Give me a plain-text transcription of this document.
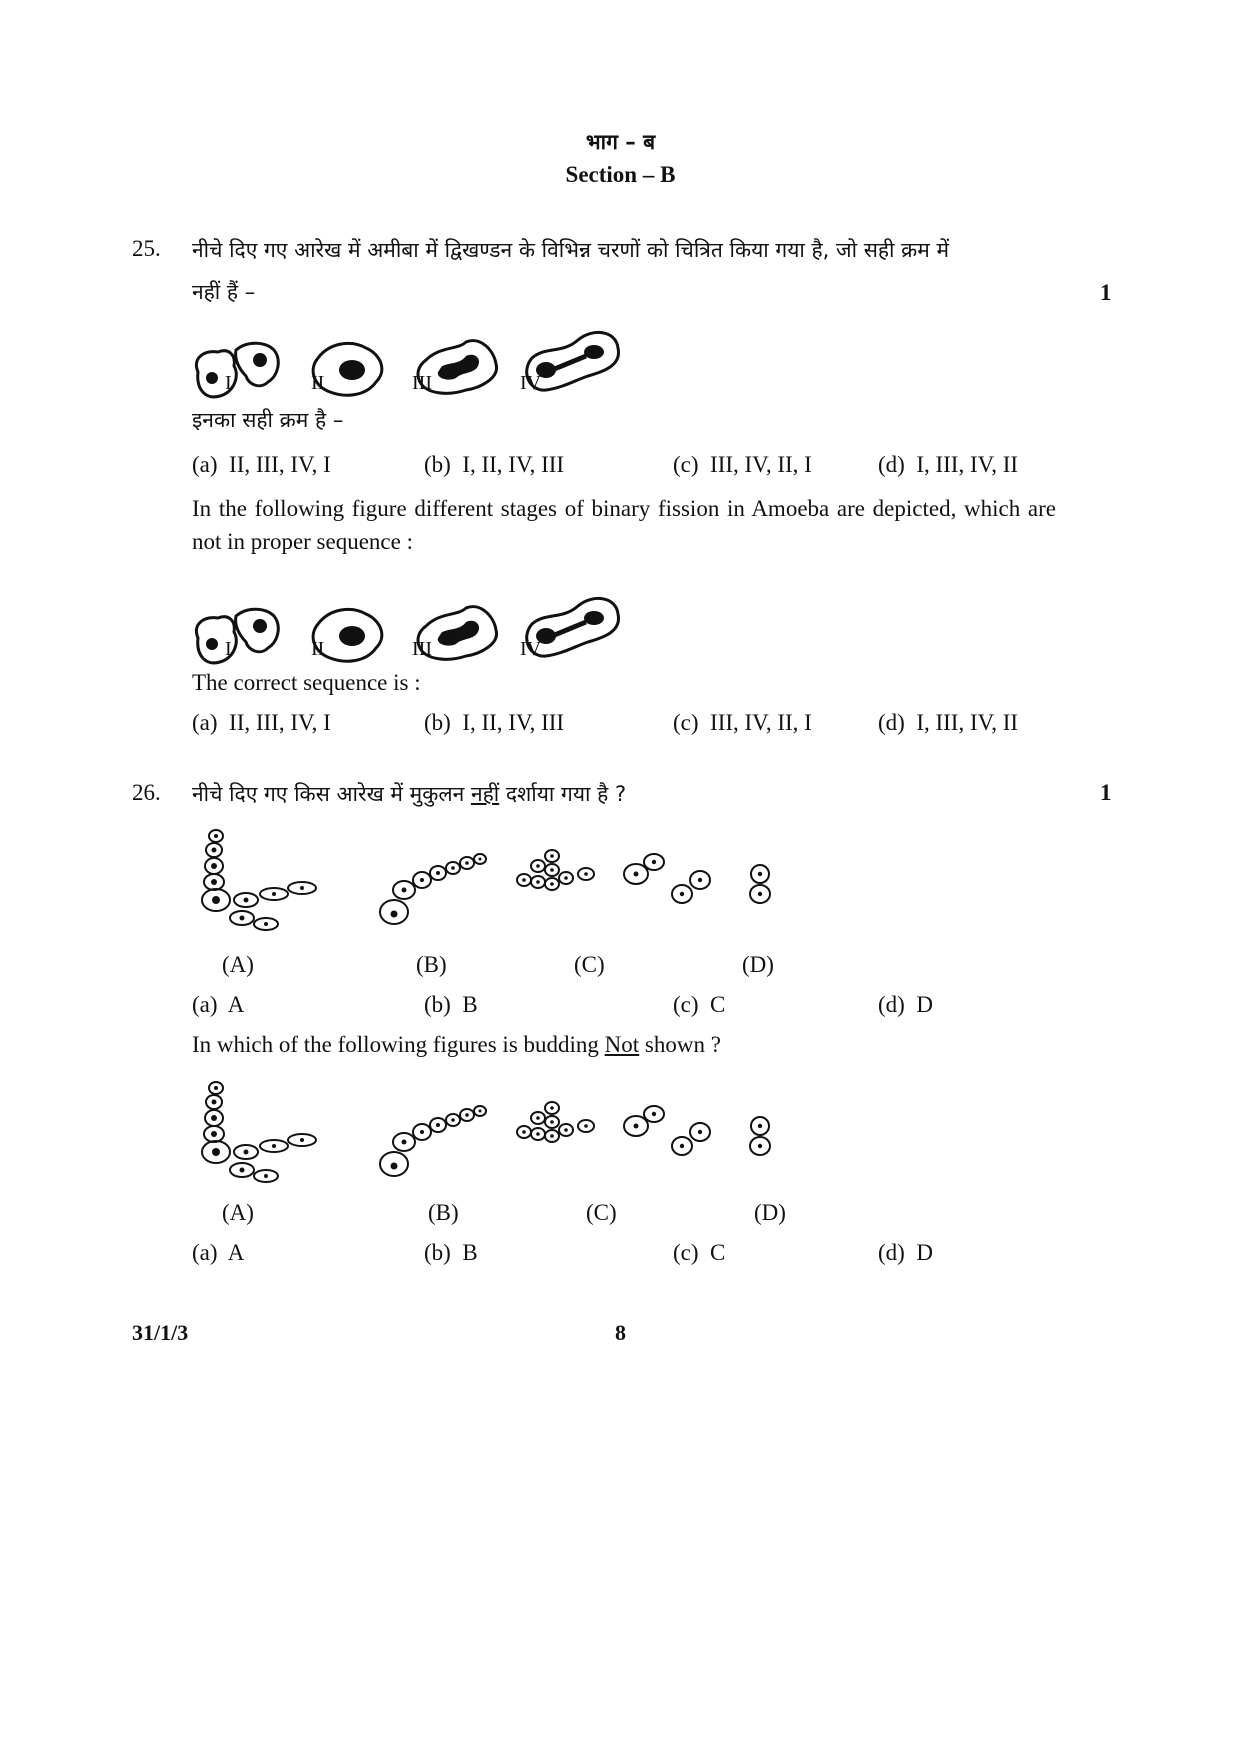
भाग – ब
Section – B
25. नीचे दिए गए आरेख में अमीबा में द्विखण्डन के विभिन्न चरणों को चित्रित किया गया है, जो सही क्रम में
नहीं हैं –	1
I	II	III	IV
इनका सही क्रम है –
(a) II, III, IV, I	(b) I, II, IV, III	(c) III, IV, II, I	(d) I, III, IV, II
In the following figure different stages of binary fission in Amoeba are depicted, which are not in proper sequence :
I	II	III	IV
The correct sequence is :
(a) II, III, IV, I	(b) I, II, IV, III	(c) III, IV, II, I	(d) I, III, IV, II
26. नीचे दिए गए किस आरेख में मुकुलन नहीं दर्शाया गया है ?	1
(A)	(B)	(C)	(D)
(a) A	(b) B	(c) C	(d) D
In which of the following figures is budding Not shown ?
(A)	(B)	(C)	(D)
(a) A	(b) B	(c) C	(d) D
31/1/3	8
